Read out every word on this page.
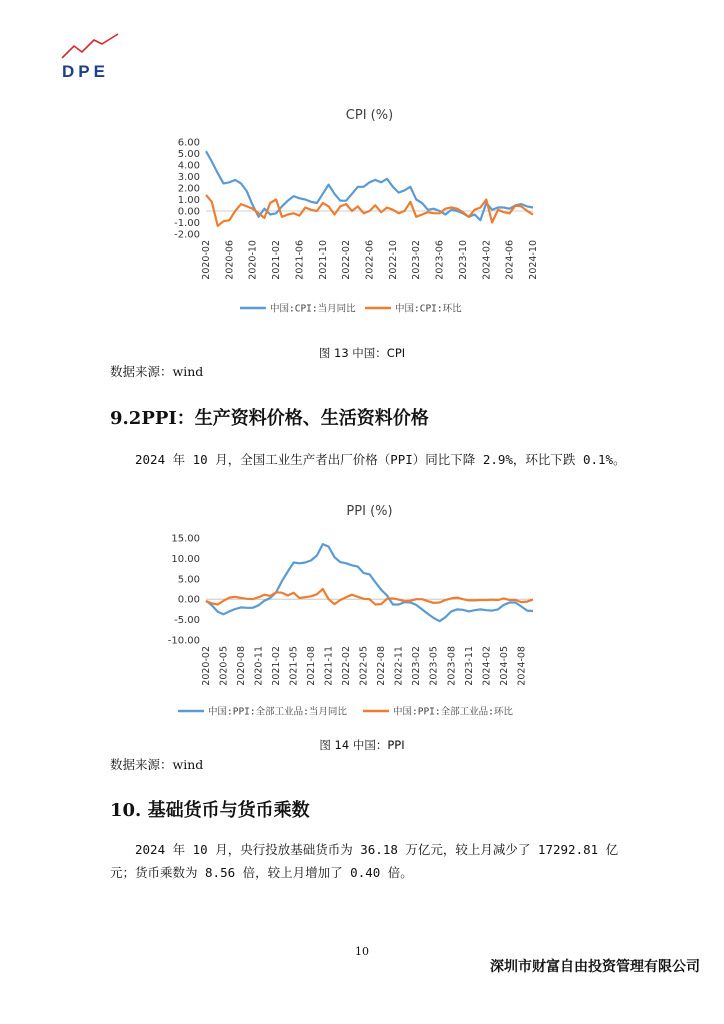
DPE
CPI (%)
6.00
5.00
4.00
3.00
2.00
1.00
0.00
-1.00
-2.00
2020-02 2020-06 2020-10 2021-02 2021-06 2021-10 2022-02 2022-06 2022-10 2023-02 2023-06 2023-10 2024-02 2024-06 2024-10
中国:CPI:当月同比	中国:CPI:环比
图 13 中国：CPI
数据来源：wind
9.2PPI：生产资料价格、生活资料价格
2024 年 10 月，全国工业生产者出厂价格（PPI）同比下降 2.9%，环比下跌 0.1%。
PPI (%)
15.00
10.00
5.00
0.00
-5.00
-10.00
2020-02 2020-05 2020-08 2020-11 2021-02 2021-05 2021-08 2021-11 2022-02 2022-05 2022-08 2022-11 2023-02 2023-05 2023-08 2023-11 2024-02 2024-05 2024-08
中国:PPI:全部工业品:当月同比	中国:PPI:全部工业品:环比
图 14 中国：PPI
数据来源：wind
10. 基础货币与货币乘数
2024 年 10 月，央行投放基础货币为 36.18 万亿元，较上月减少了 17292.81 亿元；货币乘数为 8.56 倍，较上月增加了 0.40 倍。
10
深圳市财富自由投资管理有限公司
